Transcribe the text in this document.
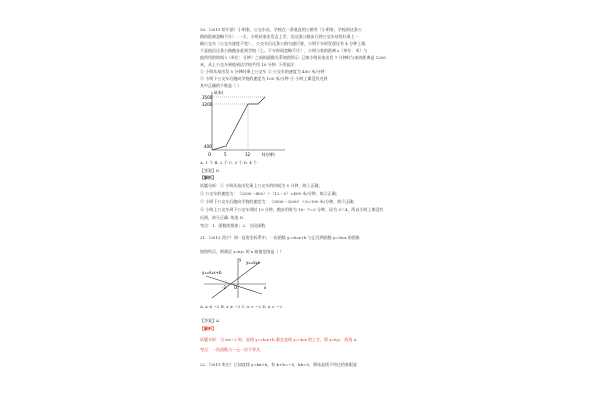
20.（2015 哈尔滨）小明家、公交车站、学校在一条笔直的公路旁（小明家、学校到这条公
路的距离忽略不计）. 一天，小明从家出发去上学，沿这条公路步行到公交车站恰好乘上一
辆公交车（公交车速度不变），公交车沿这条公路匀速行驶，小明下车时发现还有 4 分钟上课，
于是他沿这条公路跑步赶到学校（上、下车时间忽略不计），小明与家的距离 s（单位：米）与
他所用的时间 t（单位：分钟）之间的函数关系如图所示. 已知小明从家出发 7 分钟时与家的距离是 1200
米，从上公交车到他到达学校共用 10 分钟. 下列说法：
① 小明从家出发 5 分钟时乘上公交车 ② 公交车的速度为 400 米/分钟
③ 小明下公交车后跑向学校的速度为 100 米/分钟 ④ 小明上课没有迟到
其中正确的个数是（ ）
3500
3200
400
O	5	12	t(分钟)
s(米)
A. 1 个 B. 2 个 C. 3 个 D. 4 个
【答案】D.
【解析】
试题分析：① 小明从家出发乘上公交车的时间为 5 分钟，故①正确；
② 公交车的速度为：（3200－400）÷（12－5）=400 米/分钟，故②正确；
③ 小明下公交车后跑向学校的速度为：（3500－3200）÷3=100 米/分钟，故③正确；
④ 小明上公交车到下公交车用时 10 分钟，跑步用时为 10－7=3 分钟，因为 3＜4，所以小明上课没有
迟到，故④正确. 故选 D.
考点：1．函数的图象；2．分段函数.
21.（2015 西宁）同一直角坐标系中，一次函数 y₁=k₁x+b 与正比例函数 y₂=k₂x 的图象
如图所示，则满足 y₁≥y₂ 的 x 取值范围是（ ）
y₁=k₁x+b
y₂=k₂x
y
x
O
-2
A. x ≤ −2 B. x ≥ −2 C. x < −2 D. x > −2
【答案】A.
【解析】
试题分析：当 x≤−2 时，直线 y₁=k₁x+b 都在直线 y₂=k₂x 的上方，即 y₁≥y₂．故选 A．
考点：一次函数与一元一次不等式.
22.（2015 枣庄）已知直线 y=kx+b，若 k+b=−5，kb=5，那该直线不经过的象限是
